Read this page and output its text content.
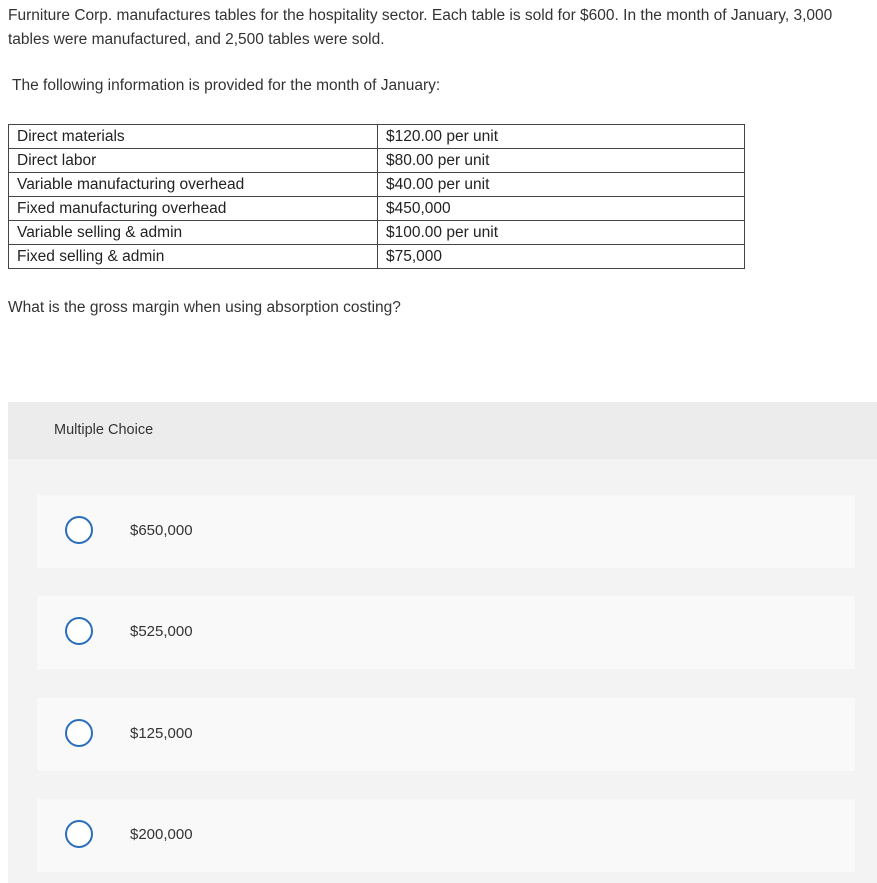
Furniture Corp. manufactures tables for the hospitality sector. Each table is sold for $600. In the month of January, 3,000 tables were manufactured, and 2,500 tables were sold.

The following information is provided for the month of January:

Direct materials	$120.00 per unit
Direct labor	$80.00 per unit
Variable manufacturing overhead	$40.00 per unit
Fixed manufacturing overhead	$450,000
Variable selling & admin	$100.00 per unit
Fixed selling & admin	$75,000

What is the gross margin when using absorption costing?

Multiple Choice
$650,000
$525,000
$125,000
$200,000
